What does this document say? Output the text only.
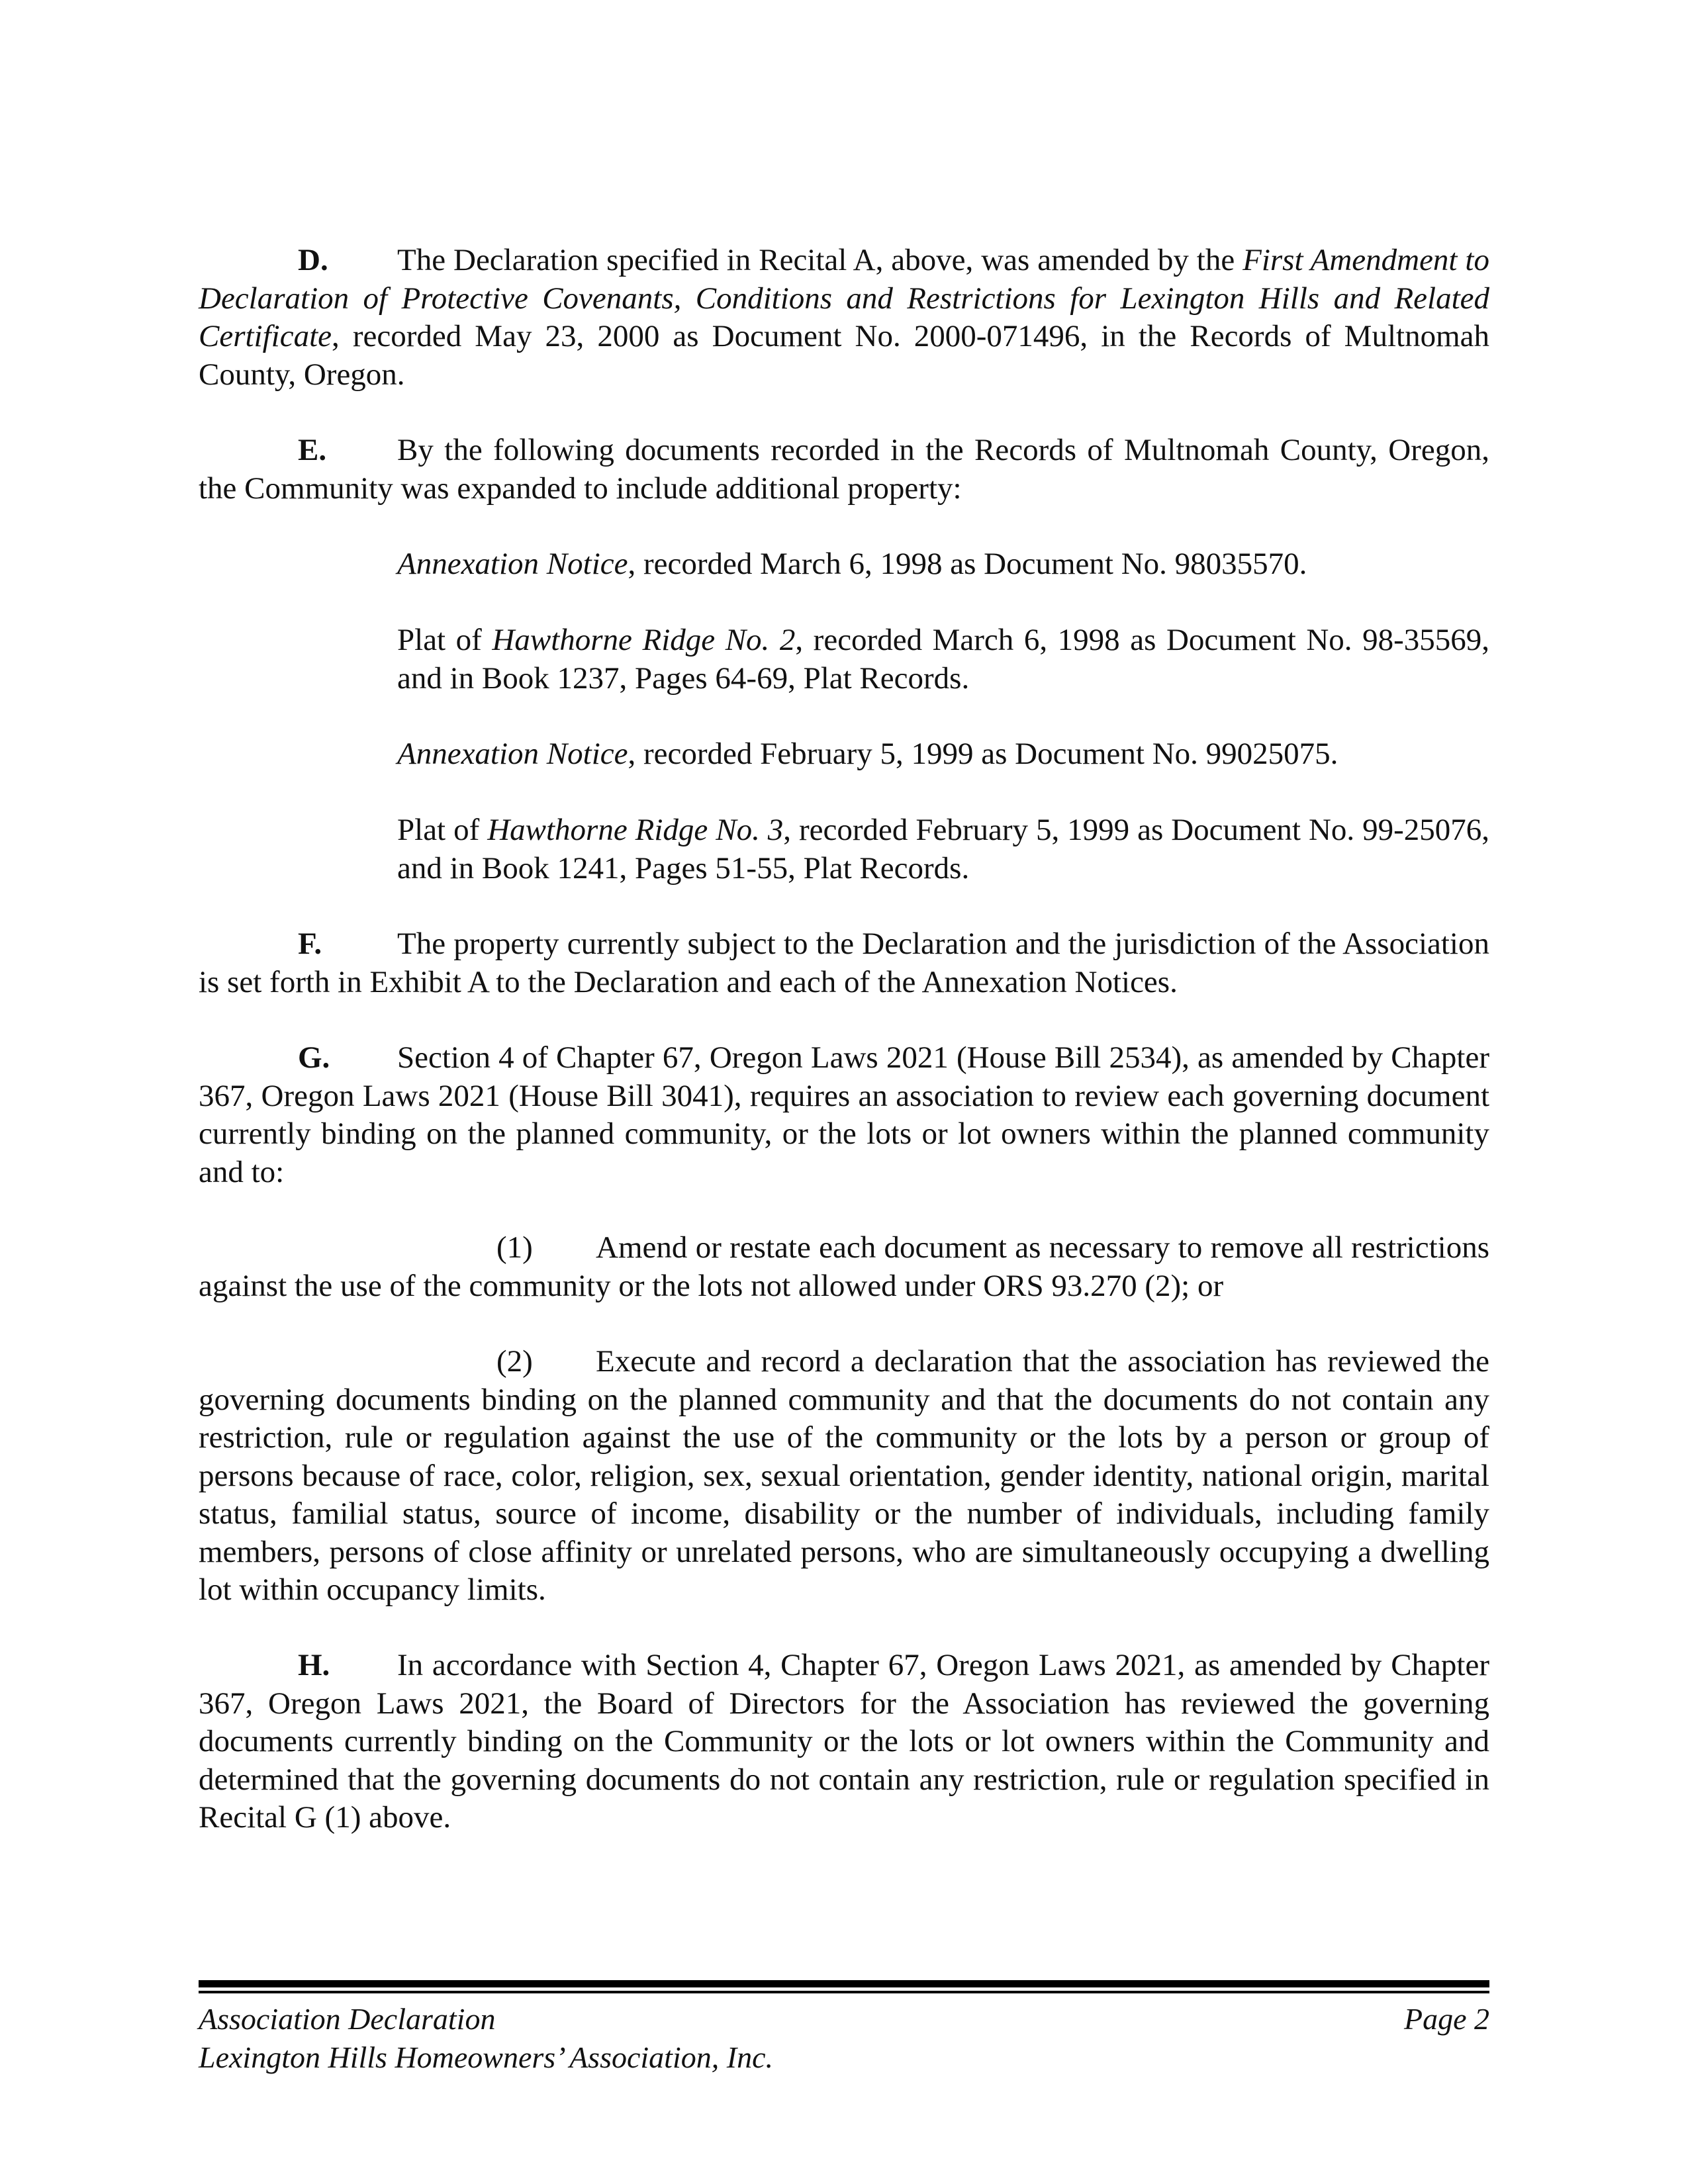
D. The Declaration specified in Recital A, above, was amended by the First Amendment to Declaration of Protective Covenants, Conditions and Restrictions for Lexington Hills and Related Certificate, recorded May 23, 2000 as Document No. 2000-071496, in the Records of Multnomah County, Oregon.

E. By the following documents recorded in the Records of Multnomah County, Oregon, the Community was expanded to include additional property:

Annexation Notice, recorded March 6, 1998 as Document No. 98035570.

Plat of Hawthorne Ridge No. 2, recorded March 6, 1998 as Document No. 98-35569, and in Book 1237, Pages 64-69, Plat Records.

Annexation Notice, recorded February 5, 1999 as Document No. 99025075.

Plat of Hawthorne Ridge No. 3, recorded February 5, 1999 as Document No. 99-25076, and in Book 1241, Pages 51-55, Plat Records.

F. The property currently subject to the Declaration and the jurisdiction of the Association is set forth in Exhibit A to the Declaration and each of the Annexation Notices.

G. Section 4 of Chapter 67, Oregon Laws 2021 (House Bill 2534), as amended by Chapter 367, Oregon Laws 2021 (House Bill 3041), requires an association to review each governing document currently binding on the planned community, or the lots or lot owners within the planned community and to:

(1) Amend or restate each document as necessary to remove all restrictions against the use of the community or the lots not allowed under ORS 93.270 (2); or

(2) Execute and record a declaration that the association has reviewed the governing documents binding on the planned community and that the documents do not contain any restriction, rule or regulation against the use of the community or the lots by a person or group of persons because of race, color, religion, sex, sexual orientation, gender identity, national origin, marital status, familial status, source of income, disability or the number of individuals, including family members, persons of close affinity or unrelated persons, who are simultaneously occupying a dwelling lot within occupancy limits.

H. In accordance with Section 4, Chapter 67, Oregon Laws 2021, as amended by Chapter 367, Oregon Laws 2021, the Board of Directors for the Association has reviewed the governing documents currently binding on the Community or the lots or lot owners within the Community and determined that the governing documents do not contain any restriction, rule or regulation specified in Recital G (1) above.

Association Declaration	Page 2
Lexington Hills Homeowners’ Association, Inc.
